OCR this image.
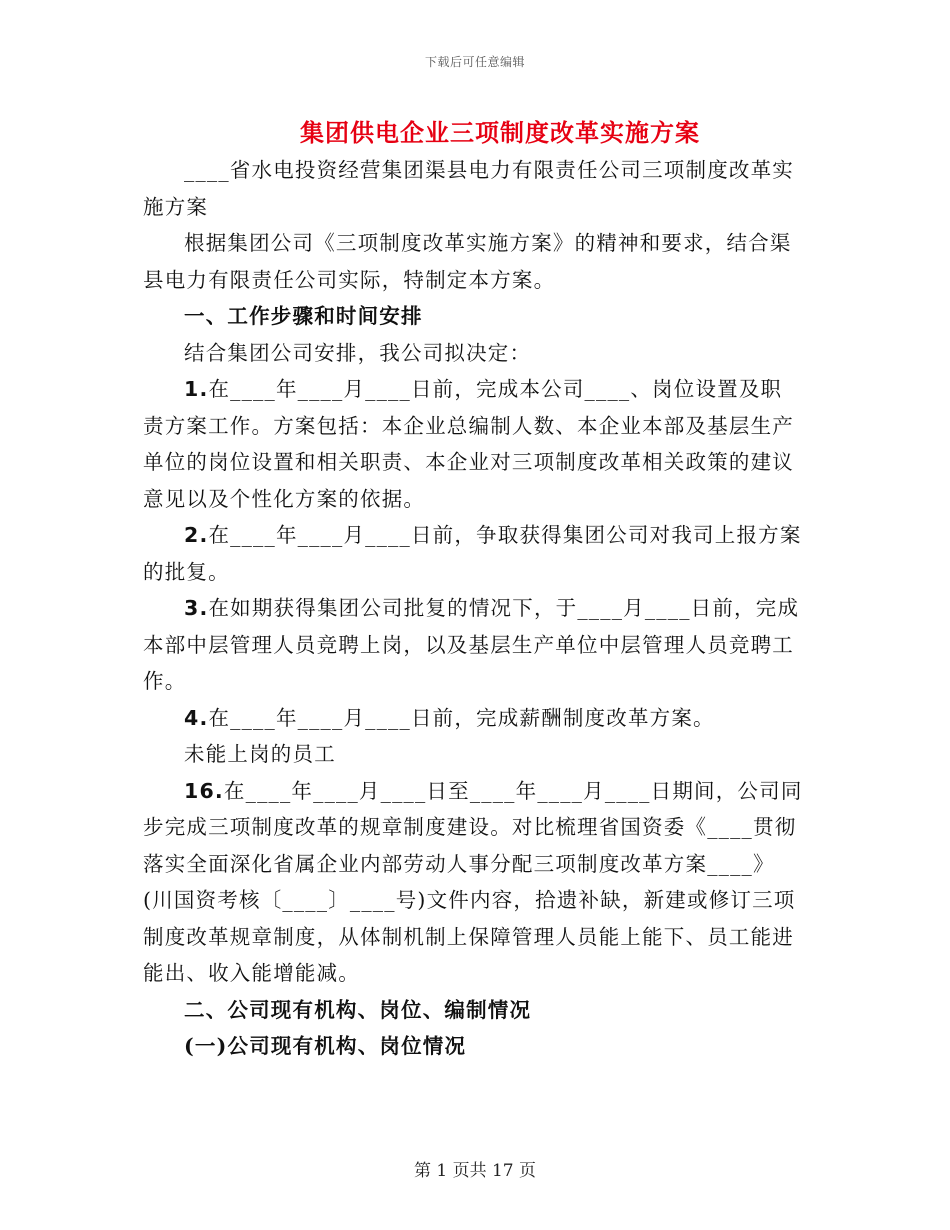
下载后可任意编辑
集团供电企业三项制度改革实施方案

____省水电投资经营集团渠县电力有限责任公司三项制度改革实施方案

根据集团公司《三项制度改革实施方案》的精神和要求，结合渠县电力有限责任公司实际，特制定本方案。

一、工作步骤和时间安排

结合集团公司安排，我公司拟决定：

1.在____年____月____日前，完成本公司____、岗位设置及职责方案工作。方案包括：本企业总编制人数、本企业本部及基层生产单位的岗位设置和相关职责、本企业对三项制度改革相关政策的建议意见以及个性化方案的依据。

2.在____年____月____日前，争取获得集团公司对我司上报方案的批复。

3.在如期获得集团公司批复的情况下，于____月____日前，完成本部中层管理人员竞聘上岗，以及基层生产单位中层管理人员竞聘工作。

4.在____年____月____日前，完成薪酬制度改革方案。

未能上岗的员工

16.在____年____月____日至____年____月____日期间，公司同步完成三项制度改革的规章制度建设。对比梳理省国资委《____贯彻落实全面深化省属企业内部劳动人事分配三项制度改革方案____》(川国资考核〔____〕____号)文件内容，拾遗补缺，新建或修订三项制度改革规章制度，从体制机制上保障管理人员能上能下、员工能进能出、收入能增能减。

二、公司现有机构、岗位、编制情况

(一)公司现有机构、岗位情况

第 1 页共 17 页
